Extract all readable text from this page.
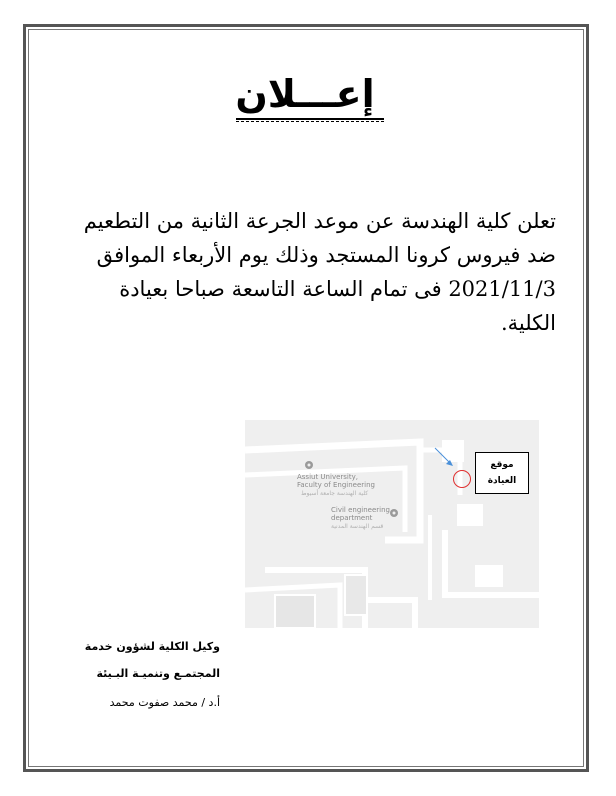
إعـــلان
تعلن كلية الهندسة عن موعد الجرعة الثانية من التطعيم
ضد فيروس كرونا المستجد وذلك يوم الأربعاء الموافق
2021/11/3 فى تمام الساعة التاسعة صباحا بعيادة
الكلية.
Assiut University,
Faculty of Engineering
كلية الهندسة جامعة أسيوط
Civil engineering
department
قسم الهندسة المدنية
موقع
العيادة
وكيل الكلية لشؤون خدمة
المجتمـع وتنميـة البـيئة
أ.د / محمد صفوت محمد
